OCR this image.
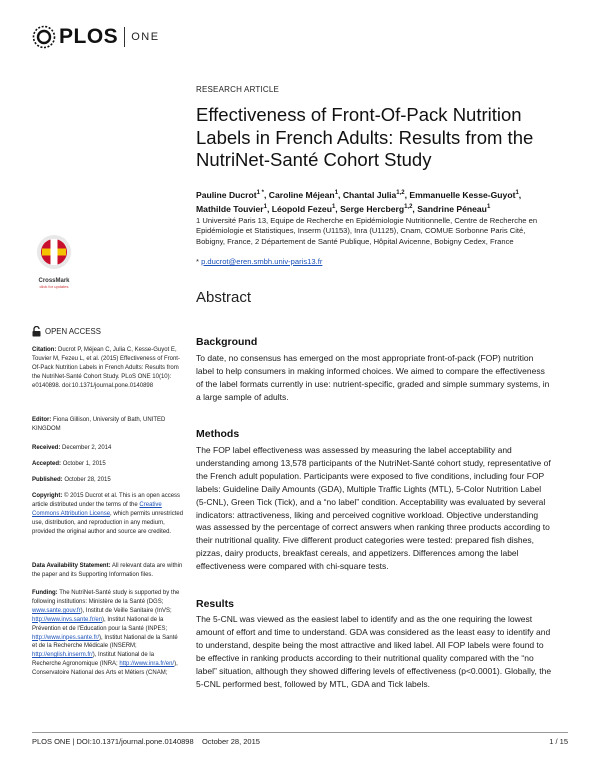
PLOS ONE
RESEARCH ARTICLE
Effectiveness of Front-Of-Pack Nutrition Labels in French Adults: Results from the NutriNet-Santé Cohort Study
Pauline Ducrot$^{1 *}$, Caroline Méjean$^1$, Chantal Julia$^{1,2}$, Emmanuelle Kesse-Guyot$^1$, Mathilde Touvier$^1$, Léopold Fezeu$^1$, Serge Hercberg$^{1,2}$, Sandrine Péneau$^1$
1 Université Paris 13, Equipe de Recherche en Epidémiologie Nutritionnelle, Centre de Recherche en Epidémiologie et Statistiques, Inserm (U1153), Inra (U1125), Cnam, COMUE Sorbonne Paris Cité, Bobigny, France, 2 Département de Santé Publique, Hôpital Avicenne, Bobigny Cedex, France
* p.ducrot@eren.smbh.univ-paris13.fr
Abstract
Background

To date, no consensus has emerged on the most appropriate front-of-pack (FOP) nutrition label to help consumers in making informed choices. We aimed to compare the effectiveness of the label formats currently in use: nutrient-specific, graded and simple summary systems, in a large sample of adults.

Methods

The FOP label effectiveness was assessed by measuring the label acceptability and understanding among 13,578 participants of the NutriNet-Santé cohort study, representative of the French adult population. Participants were exposed to five conditions, including four FOP labels: Guideline Daily Amounts (GDA), Multiple Traffic Lights (MTL), 5-Color Nutrition Label (5-CNL), Green Tick (Tick), and a “no label” condition. Acceptability was evaluated by several indicators: attractiveness, liking and perceived cognitive workload. Objective understanding was assessed by the percentage of correct answers when ranking three products according to their nutritional quality. Five different product categories were tested: prepared fish dishes, pizzas, dairy products, breakfast cereals, and appetizers. Differences among the label effectiveness were compared with chi-square tests.

Results

The 5-CNL was viewed as the easiest label to identify and as the one requiring the lowest amount of effort and time to understand. GDA was considered as the least easy to identify and to understand, despite being the most attractive and liked label. All FOP labels were found to be effective in ranking products according to their nutritional quality compared with the “no label” situation, although they showed differing levels of effectiveness (p<0.0001). Globally, the 5-CNL performed best, followed by MTL, GDA and Tick labels.

CrossMark
click for updates
OPEN ACCESS

Citation: Ducrot P, Méjean C, Julia C, Kesse-Guyot E, Touvier M, Fezeu L, et al. (2015) Effectiveness of Front-Of-Pack Nutrition Labels in French Adults: Results from the NutriNet-Santé Cohort Study. PLoS ONE 10(10): e0140898. doi:10.1371/journal.pone.0140898

Editor: Fiona Gillison, University of Bath, UNITED KINGDOM

Received: December 2, 2014

Accepted: October 1, 2015

Published: October 28, 2015

Copyright: © 2015 Ducrot et al. This is an open access article distributed under the terms of the Creative Commons Attribution License, which permits unrestricted use, distribution, and reproduction in any medium, provided the original author and source are credited.

Data Availability Statement: All relevant data are within the paper and its Supporting Information files.

Funding: The NutriNet-Santé study is supported by the following institutions: Ministère de la Santé (DGS; www.sante.gouv.fr), Institut de Veille Sanitaire (InVS; http://www.invs.sante.fr/en), Institut National de la Prévention et de l'Education pour la Santé (INPES; http://www.inpes.sante.fr/), Institut National de la Santé et de la Recherche Médicale (INSERM; http://english.inserm.fr/), Institut National de la Recherche Agronomique (INRA; http://www.inra.fr/en/), Conservatoire National des Arts et Métiers (CNAM;

PLOS ONE | DOI:10.1371/journal.pone.0140898    October 28, 2015	1 / 15
